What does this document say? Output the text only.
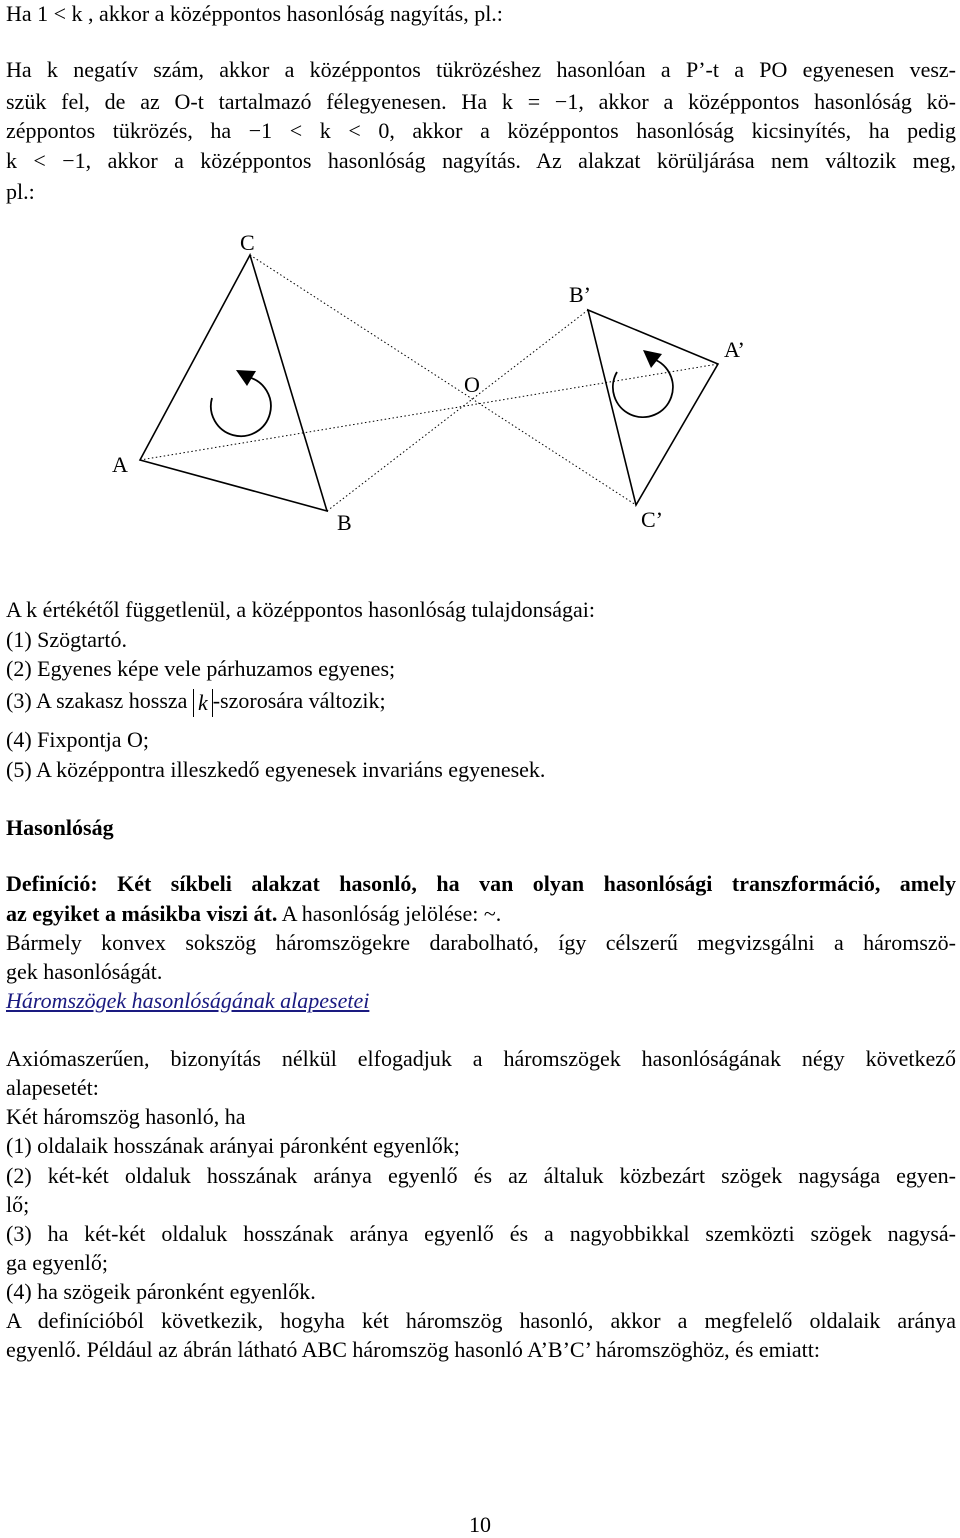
Ha 1 < k , akkor a középpontos hasonlóság nagyítás, pl.:
Ha k negatív szám, akkor a középpontos tükrözéshez hasonlóan a P’-t a PO egyenesen vesz-
szük fel, de az O-t tartalmazó félegyenesen. Ha k = −1, akkor a középpontos hasonlóság kö-
zéppontos tükrözés, ha −1 < k < 0, akkor a középpontos hasonlóság kicsinyítés, ha pedig
k < −1, akkor a középpontos hasonlóság nagyítás. Az alakzat körüljárása nem változik meg,
pl.:
C
B’
A’
O
A
B	C’
A k értékétől függetlenül, a középpontos hasonlóság tulajdonságai:
(1) Szögtartó.
(2) Egyenes képe vele párhuzamos egyenes;
(3) A szakasz hossza k -szorosára változik;
(4) Fixpontja O;
(5) A középpontra illeszkedő egyenesek invariáns egyenesek.
Hasonlóság
Definíció: Két síkbeli alakzat hasonló, ha van olyan hasonlósági transzformáció, amely
az egyiket a másikba viszi át. A hasonlóság jelölése: ~.
Bármely konvex sokszög háromszögekre darabolható, így célszerű megvizsgálni a háromszö-
gek hasonlóságát.
Háromszögek hasonlóságának alapesetei
Axiómaszerűen, bizonyítás nélkül elfogadjuk a háromszögek hasonlóságának négy következő
alapesetét:
Két háromszög hasonló, ha
(1) oldalaik hosszának arányai páronként egyenlők;
(2) két-két oldaluk hosszának aránya egyenlő és az általuk közbezárt szögek nagysága egyen-
lő;
(3) ha két-két oldaluk hosszának aránya egyenlő és a nagyobbikkal szemközti szögek nagysá-
ga egyenlő;
(4) ha szögeik páronként egyenlők.
A definícióból következik, hogyha két háromszög hasonló, akkor a megfelelő oldalaik aránya
egyenlő. Például az ábrán látható ABC háromszög hasonló A’B’C’ háromszöghöz, és emiatt:
10
